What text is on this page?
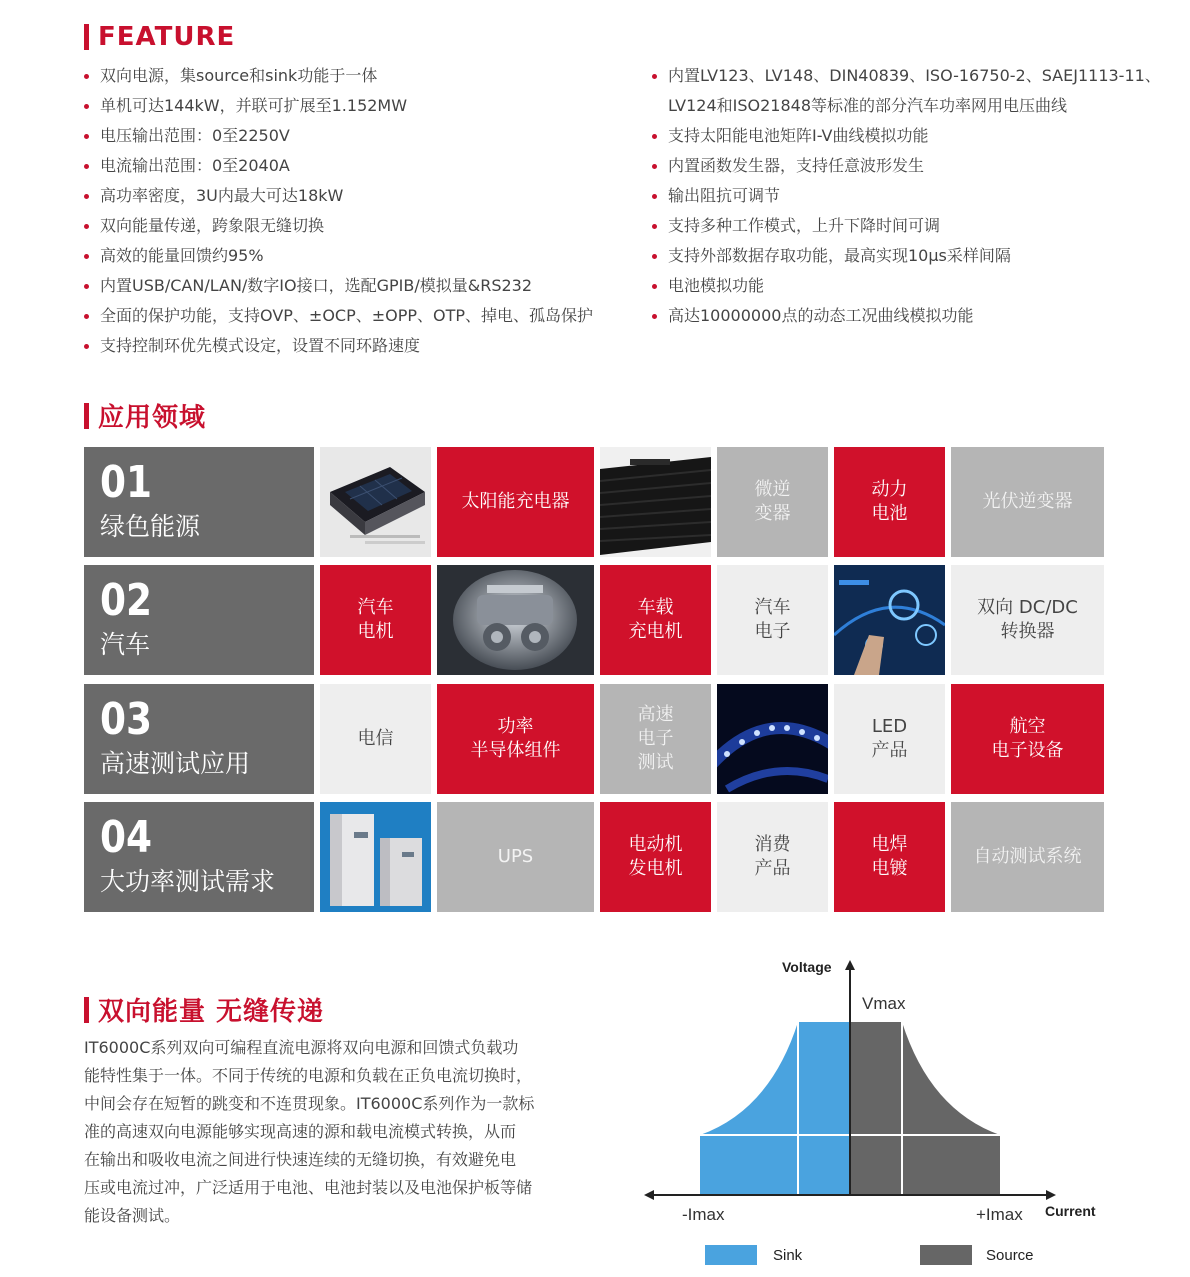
FEATURE
双向电源，集source和sink功能于一体
单机可达144kW，并联可扩展至1.152MW
电压输出范围：0至2250V
电流输出范围：0至2040A
高功率密度，3U内最大可达18kW
双向能量传递，跨象限无缝切换
高效的能量回馈约95%
内置USB/CAN/LAN/数字IO接口，选配GPIB/模拟量&RS232
全面的保护功能，支持OVP、±OCP、±OPP、OTP、掉电、孤岛保护
支持控制环优先模式设定，设置不同环路速度
内置LV123、LV148、DIN40839、ISO-16750-2、SAEJ1113-11、
LV124和ISO21848等标准的部分汽车功率网用电压曲线
支持太阳能电池矩阵I-V曲线模拟功能
内置函数发生器，支持任意波形发生
输出阻抗可调节
支持多种工作模式，上升下降时间可调
支持外部数据存取功能，最高实现10μs采样间隔
电池模拟功能
高达10000000点的动态工况曲线模拟功能
应用领域
01
绿色能源
太阳能充电器
微逆
变器
动力
电池
光伏逆变器
02
汽车
汽车
电机
车载
充电机
汽车
电子
双向 DC/DC
转换器
03
高速测试应用
电信
功率
半导体组件
高速
电子
测试
LED
产品
航空
电子设备
04
大功率测试需求
UPS
电动机
发电机
消费
产品
电焊
电镀
自动测试系统
双向能量 无缝传递
IT6000C系列双向可编程直流电源将双向电源和回馈式负载功
能特性集于一体。不同于传统的电源和负载在正负电流切换时，
中间会存在短暂的跳变和不连贯现象。IT6000C系列作为一款标
准的高速双向电源能够实现高速的源和载电流模式转换，从而
在输出和吸收电流之间进行快速连续的无缝切换，有效避免电
压或电流过冲，广泛适用于电池、电池封装以及电池保护板等储
能设备测试。
Voltage
Vmax
-Imax	+Imax Current
Sink	Source
